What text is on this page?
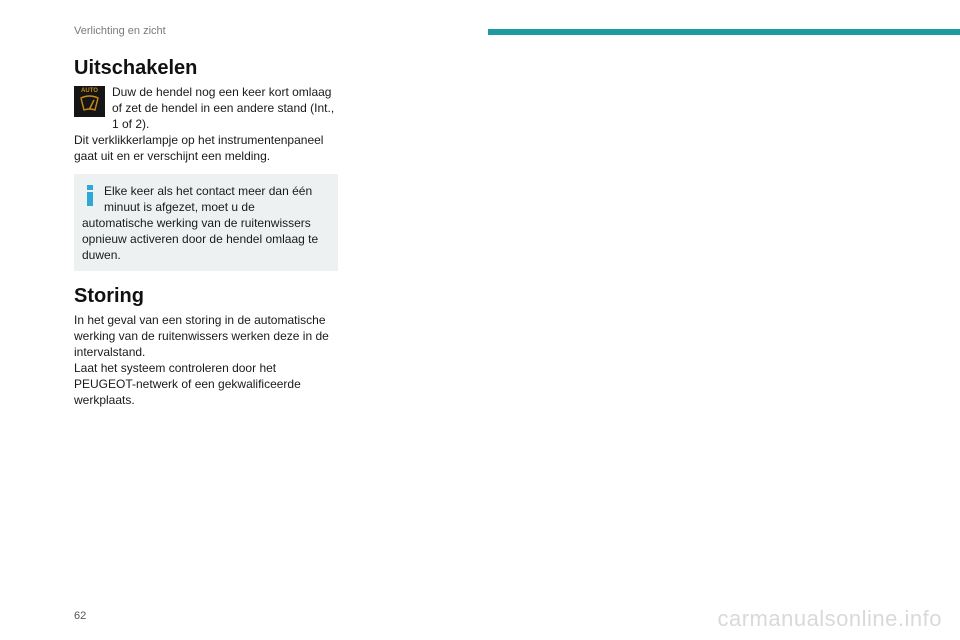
Verlichting en zicht
Uitschakelen
AUTO	Duw de hendel nog een keer kort omlaag
of zet de hendel in een andere stand (Int.,
1 of 2).
Dit verklikkerlampje op het instrumentenpaneel
gaat uit en er verschijnt een melding.
Elke keer als het contact meer dan één
minuut is afgezet, moet u de
automatische werking van de ruitenwissers
opnieuw activeren door de hendel omlaag te
duwen.
Storing
In het geval van een storing in de automatische
werking van de ruitenwissers werken deze in de
intervalstand.
Laat het systeem controleren door het
PEUGEOT-netwerk of een gekwalificeerde
werkplaats.
62	carmanualsonline.info
